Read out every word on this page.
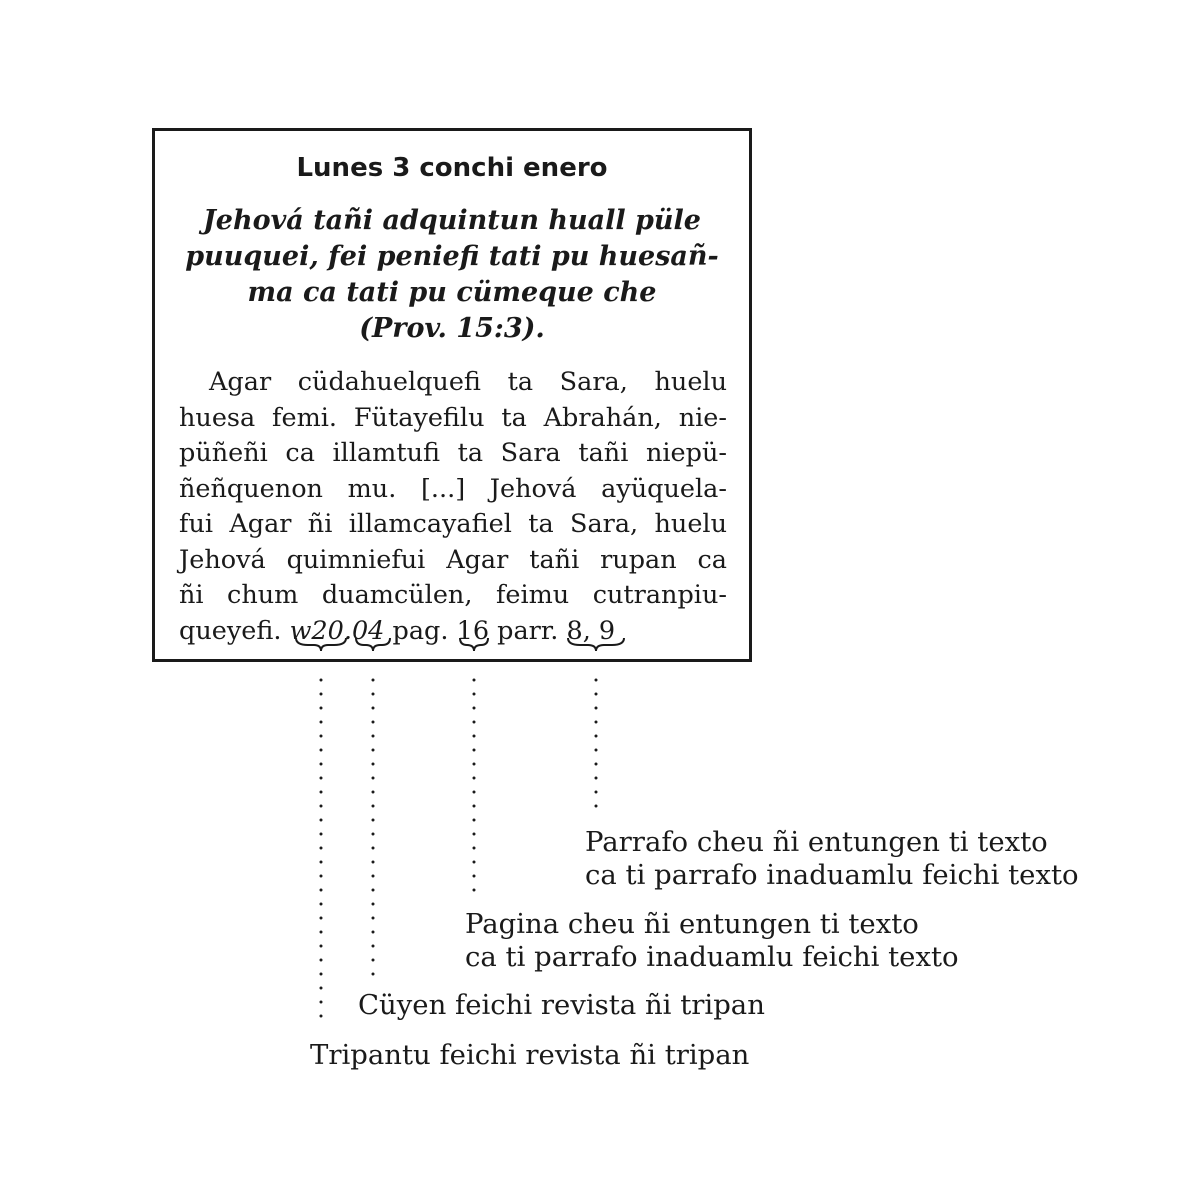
Lunes 3 conchi enero
Jehová tañi adquintun huall püle
puuquei, fei peniefi tati pu huesañ-
ma ca tati pu cümeque che
(Prov. 15:3).
Agar cüdahuelquefi ta Sara, huelu
huesa femi. Fütayefilu ta Abrahán, nie-
püñeñi ca illamtufi ta Sara tañi niepü-
ñeñquenon mu. [...] Jehová ayüquela-
fui Agar ñi illamcayafiel ta Sara, huelu
Jehová quimniefui Agar tañi rupan ca
ñi chum duamcülen, feimu cutranpiu-
queyefi. w20.04 pag. 16 parr. 8, 9
Parrafo cheu ñi entungen ti texto
ca ti parrafo inaduamlu feichi texto
Pagina cheu ñi entungen ti texto
ca ti parrafo inaduamlu feichi texto
Cüyen feichi revista ñi tripan
Tripantu feichi revista ñi tripan
